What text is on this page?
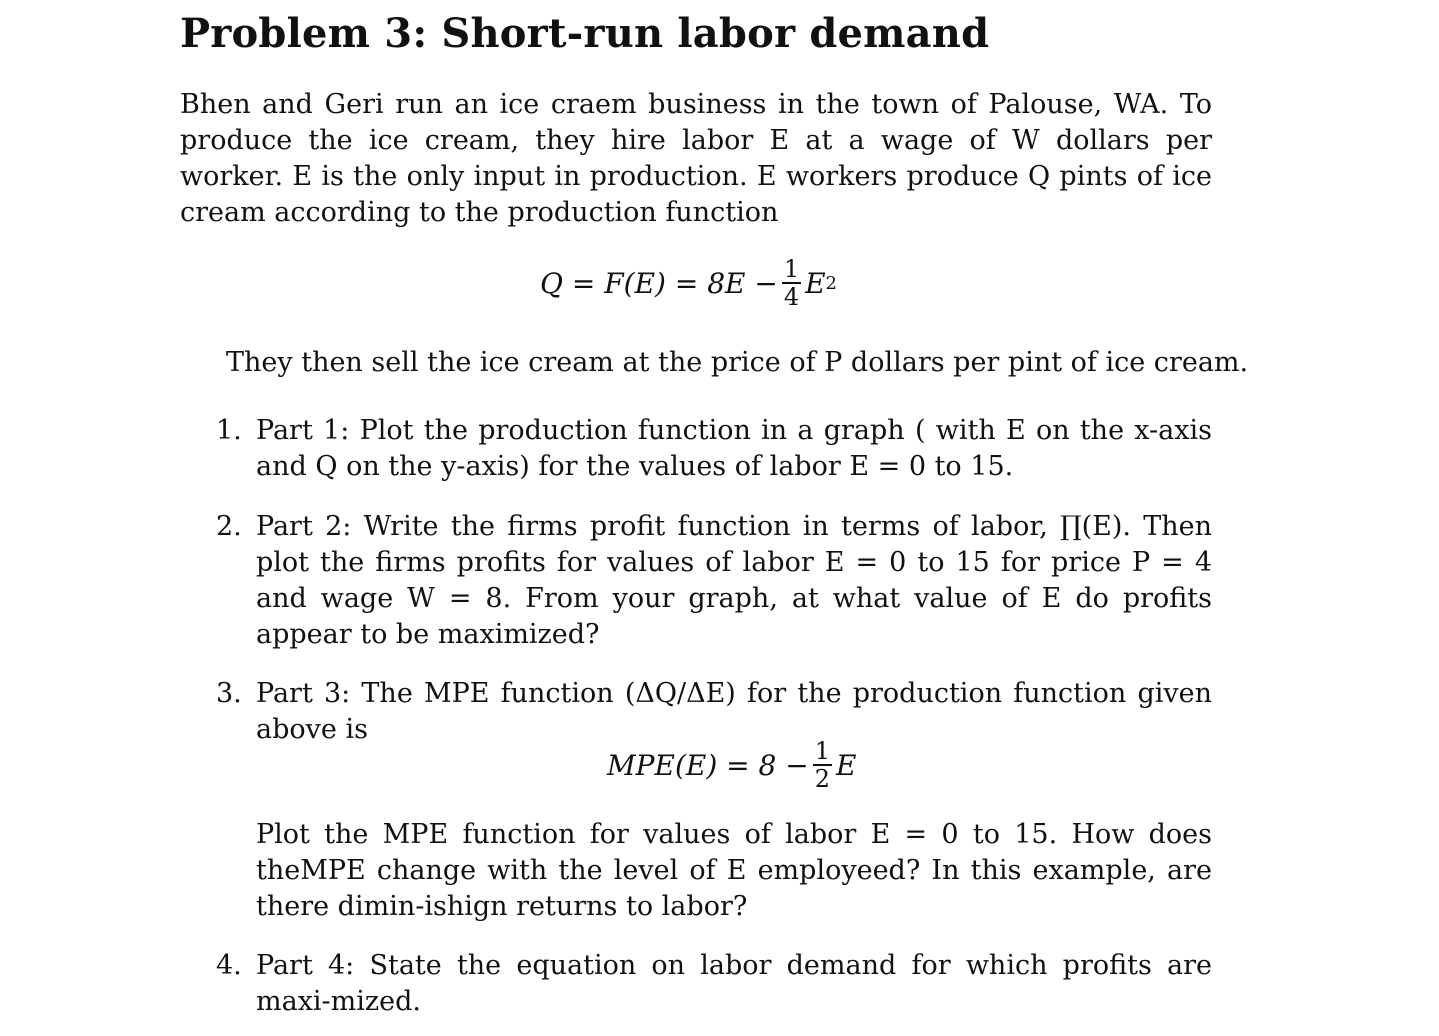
Problem 3: Short-run labor demand
Bhen and Geri run an ice craem business in the town of Palouse, WA. To produce the ice cream, they hire labor E at a wage of W dollars per worker. E is the only input in production. E workers produce Q pints of ice cream according to the production function
$Q = F(E) = 8E - \frac{1}{4}$ E 2
They then sell the ice cream at the price of P dollars per pint of ice cream.
1. Part 1: Plot the production function in a graph ( with E on the x-axis and Q on the y-axis) for the values of labor E = 0 to 15.
2. Part 2: Write the firms profit function in terms of labor, ∏(E). Then plot the firms profits for values of labor E = 0 to 15 for price P = 4 and wage W = 8. From your graph, at what value of E do profits appear to be maximized?
3. Part 3: The MPE function (ΔQ/ΔE) for the production function given above is
$MPE(E) = 8 - \frac{1}{2}$ E
Plot the MPE function for values of labor E = 0 to 15. How does theMPE change with the level of E employeed? In this example, are there dimin-ishign returns to labor?
4. Part 4: State the equation on labor demand for which profits are maxi-mized.
